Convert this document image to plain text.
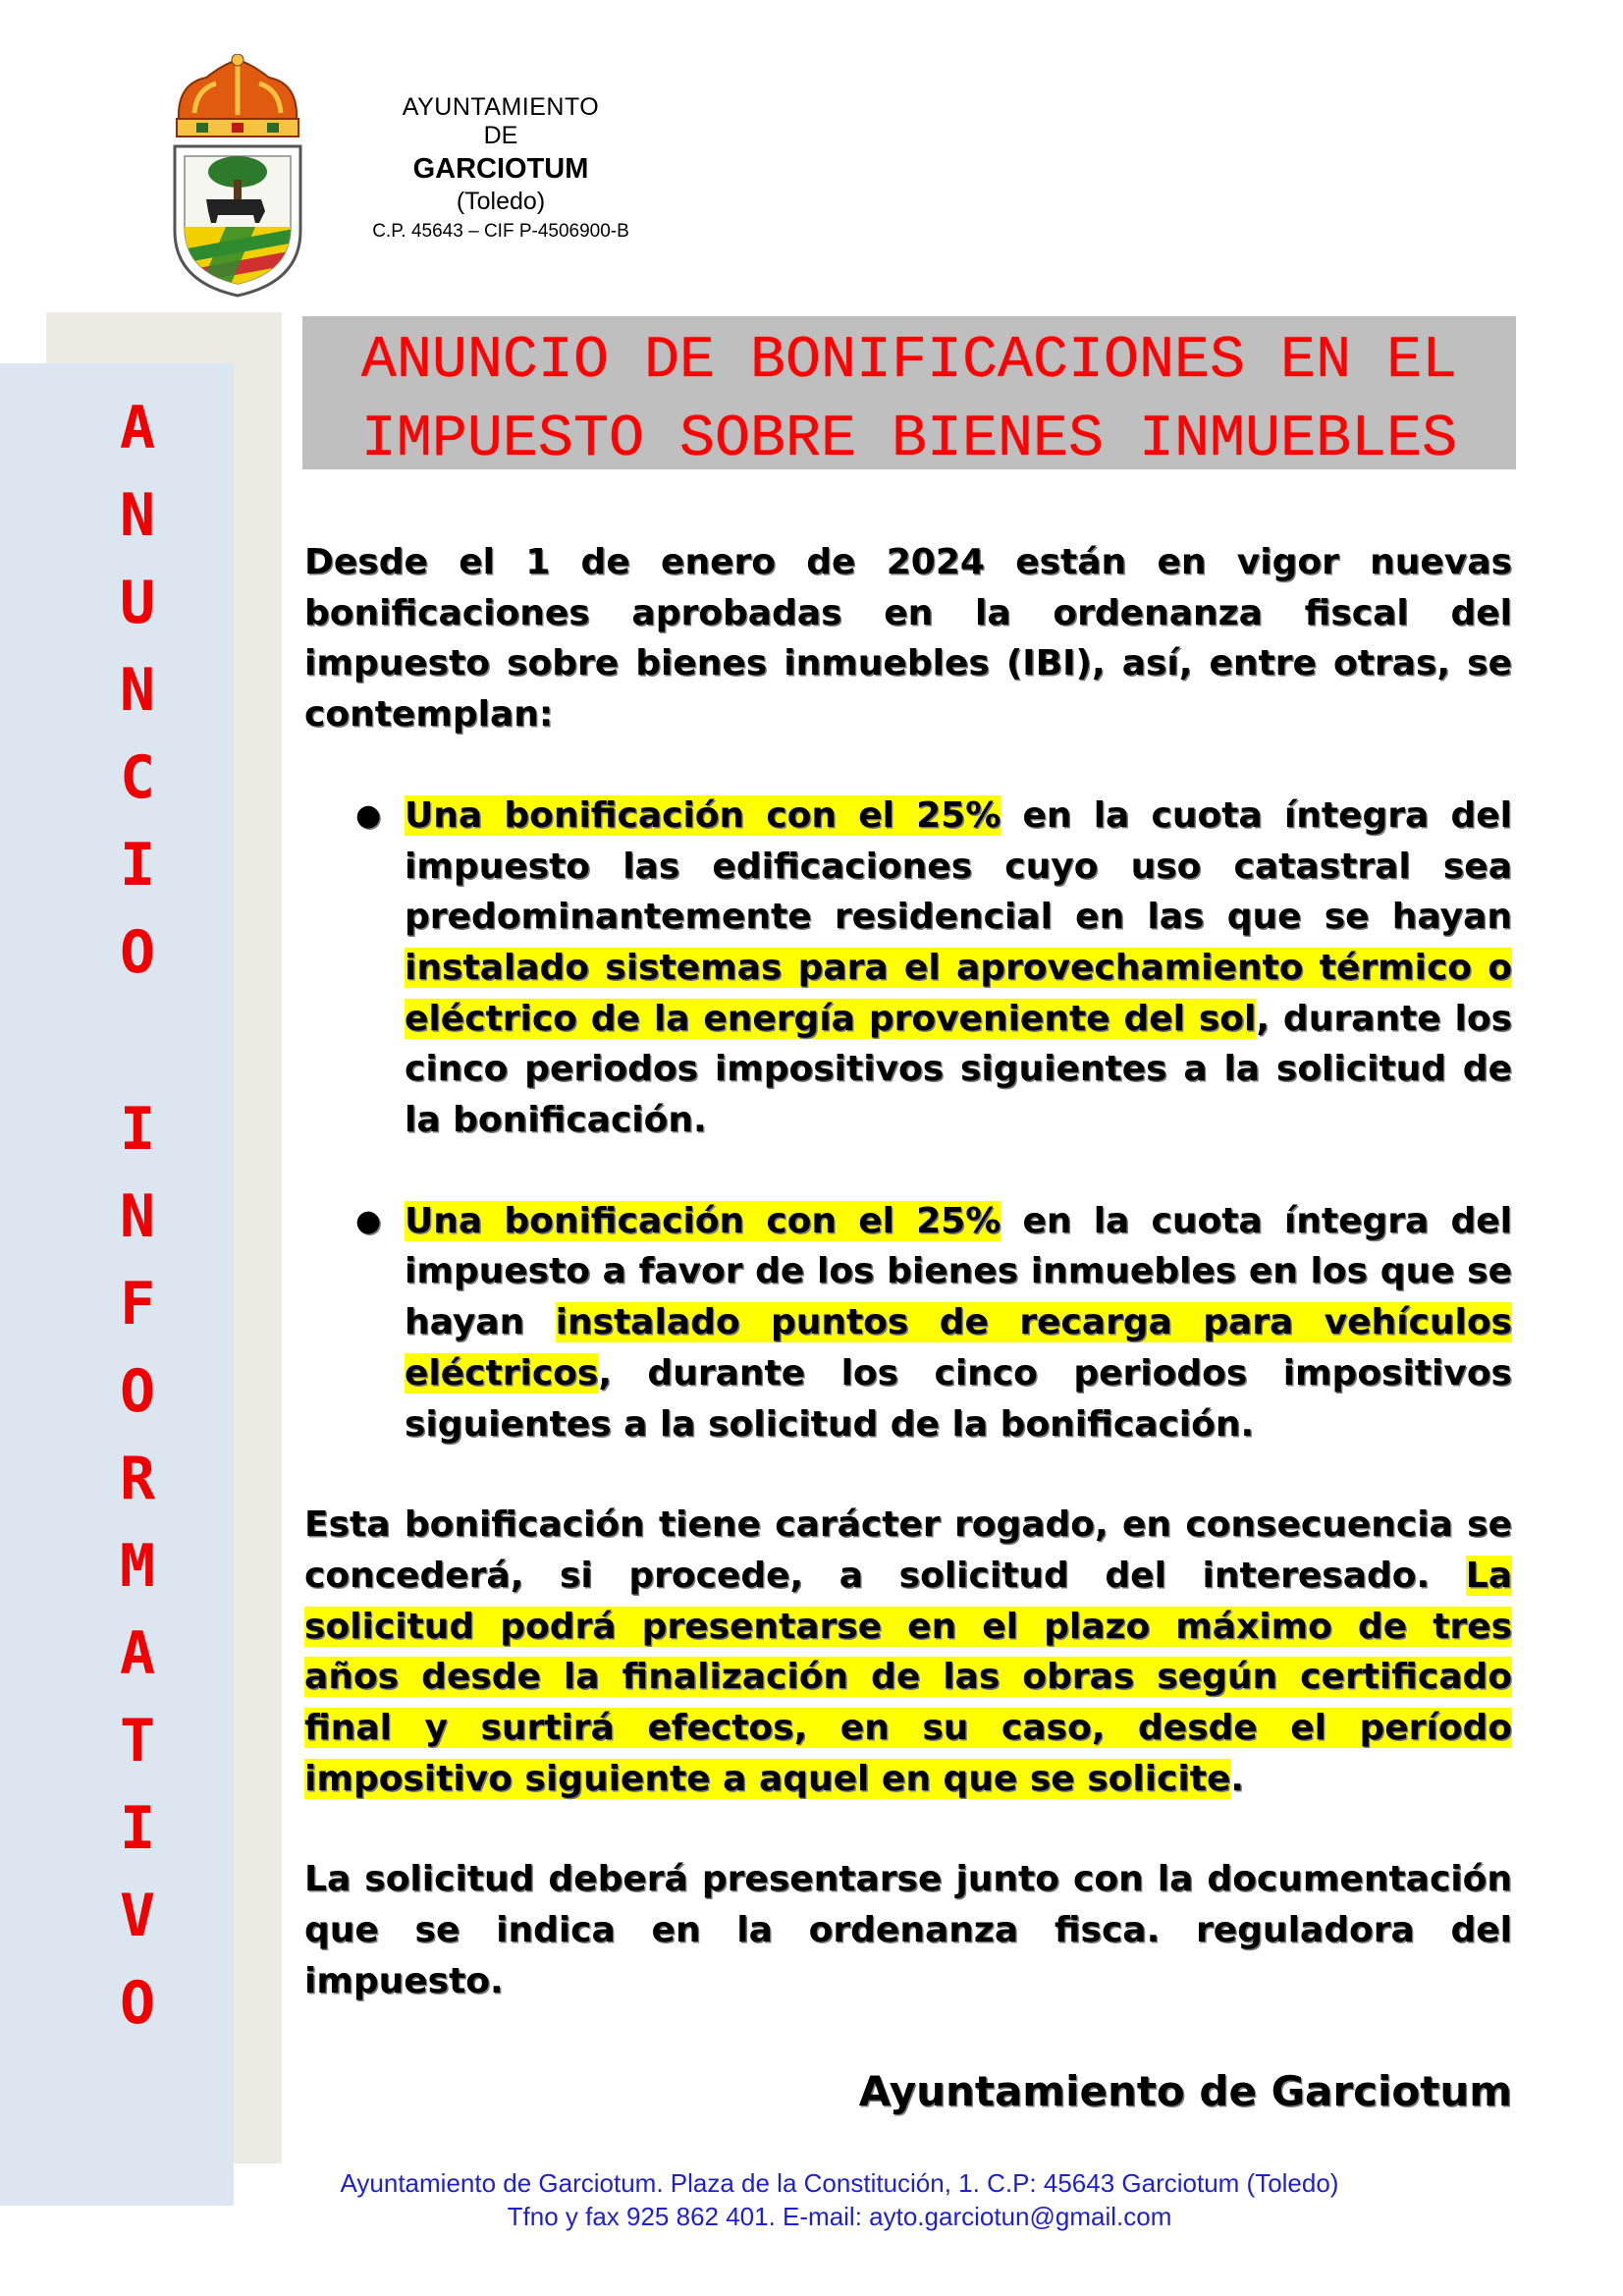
AYUNTAMIENTO
DE
GARCIOTUM
(Toledo)
C.P. 45643 – CIF P-4506900-B
A
N
U
N
C
I
O
I
N
F
O
R
M
A
T
I
V
O
ANUNCIO DE BONIFICACIONES EN EL
IMPUESTO SOBRE BIENES INMUEBLES

Desde el 1 de enero de 2024 están en vigor nuevas bonificaciones aprobadas en la ordenanza fiscal del impuesto sobre bienes inmuebles (IBI), así, entre otras, se contemplan:

● Una bonificación con el 25% en la cuota íntegra del impuesto las edificaciones cuyo uso catastral sea predominantemente residencial en las que se hayan instalado sistemas para el aprovechamiento térmico o eléctrico de la energía proveniente del sol, durante los cinco periodos impositivos siguientes a la solicitud de la bonificación.
● Una bonificación con el 25% en la cuota íntegra del impuesto a favor de los bienes inmuebles en los que se hayan instalado puntos de recarga para vehículos eléctricos, durante los cinco periodos impositivos siguientes a la solicitud de la bonificación.

Esta bonificación tiene carácter rogado, en consecuencia se concederá, si procede, a solicitud del interesado. La solicitud podrá presentarse en el plazo máximo de tres años desde la finalización de las obras según certificado final y surtirá efectos, en su caso, desde el período impositivo siguiente a aquel en que se solicite.

La solicitud deberá presentarse junto con la documentación que se indica en la ordenanza fisca. reguladora del impuesto.

Ayuntamiento de Garciotum
Ayuntamiento de Garciotum. Plaza de la Constitución, 1. C.P: 45643 Garciotum (Toledo)
Tfno y fax 925 862 401. E-mail: ayto.garciotun@gmail.com
